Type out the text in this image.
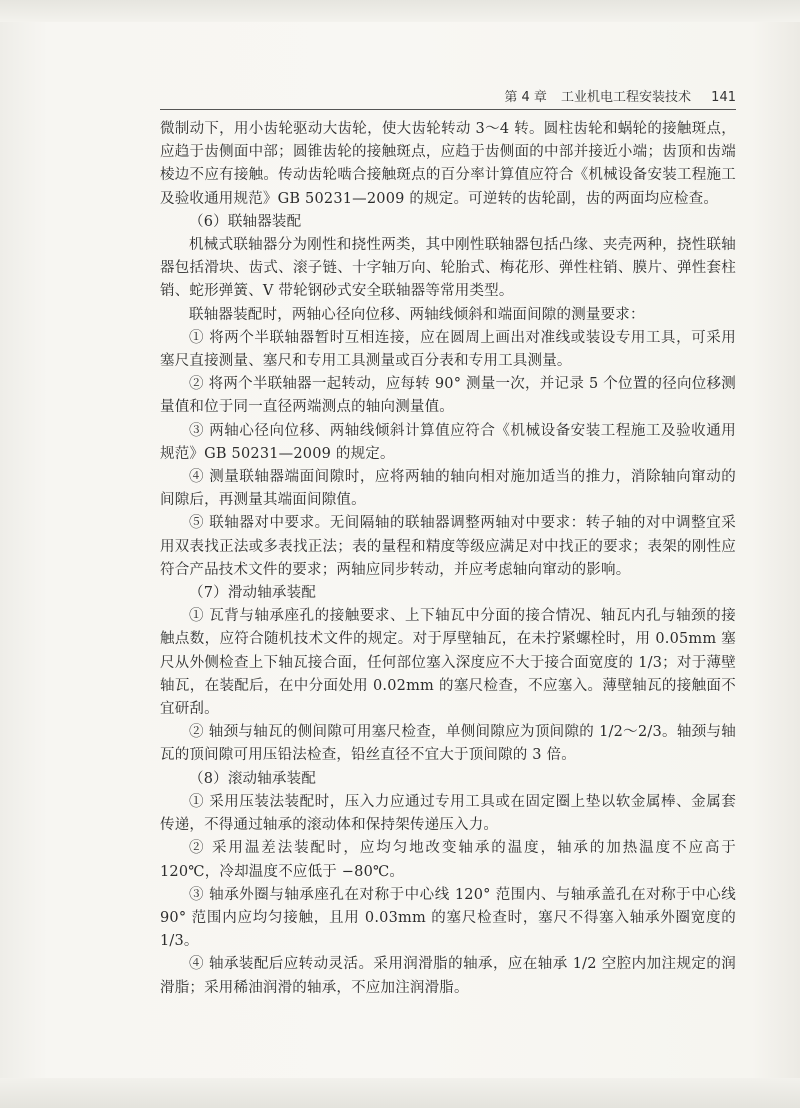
第 4 章 工业机电工程安装技术 141

微制动下，用小齿轮驱动大齿轮，使大齿轮转动 3～4 转。圆柱齿轮和蜗轮的接触斑点，应趋于齿侧面中部；圆锥齿轮的接触斑点，应趋于齿侧面的中部并接近小端；齿顶和齿端棱边不应有接触。传动齿轮啮合接触斑点的百分率计算值应符合《机械设备安装工程施工及验收通用规范》GB 50231—2009 的规定。可逆转的齿轮副，齿的两面均应检查。

（6）联轴器装配

机械式联轴器分为刚性和挠性两类，其中刚性联轴器包括凸缘、夹壳两种，挠性联轴器包括滑块、齿式、滚子链、十字轴万向、轮胎式、梅花形、弹性柱销、膜片、弹性套柱销、蛇形弹簧、V 带轮钢砂式安全联轴器等常用类型。

联轴器装配时，两轴心径向位移、两轴线倾斜和端面间隙的测量要求：

① 将两个半联轴器暂时互相连接，应在圆周上画出对准线或装设专用工具，可采用塞尺直接测量、塞尺和专用工具测量或百分表和专用工具测量。

② 将两个半联轴器一起转动，应每转 90° 测量一次，并记录 5 个位置的径向位移测量值和位于同一直径两端测点的轴向测量值。

③ 两轴心径向位移、两轴线倾斜计算值应符合《机械设备安装工程施工及验收通用规范》GB 50231—2009 的规定。

④ 测量联轴器端面间隙时，应将两轴的轴向相对施加适当的推力，消除轴向窜动的间隙后，再测量其端面间隙值。

⑤ 联轴器对中要求。无间隔轴的联轴器调整两轴对中要求：转子轴的对中调整宜采用双表找正法或多表找正法；表的量程和精度等级应满足对中找正的要求；表架的刚性应符合产品技术文件的要求；两轴应同步转动，并应考虑轴向窜动的影响。

（7）滑动轴承装配

① 瓦背与轴承座孔的接触要求、上下轴瓦中分面的接合情况、轴瓦内孔与轴颈的接触点数，应符合随机技术文件的规定。对于厚壁轴瓦，在未拧紧螺栓时，用 0.05mm 塞尺从外侧检查上下轴瓦接合面，任何部位塞入深度应不大于接合面宽度的 1/3；对于薄壁轴瓦，在装配后，在中分面处用 0.02mm 的塞尺检查，不应塞入。薄壁轴瓦的接触面不宜研刮。

② 轴颈与轴瓦的侧间隙可用塞尺检查，单侧间隙应为顶间隙的 1/2～2/3。轴颈与轴瓦的顶间隙可用压铅法检查，铅丝直径不宜大于顶间隙的 3 倍。

（8）滚动轴承装配

① 采用压装法装配时，压入力应通过专用工具或在固定圈上垫以软金属棒、金属套传递，不得通过轴承的滚动体和保持架传递压入力。

② 采用温差法装配时，应均匀地改变轴承的温度，轴承的加热温度不应高于 120℃，冷却温度不应低于 −80℃。

③ 轴承外圈与轴承座孔在对称于中心线 120° 范围内、与轴承盖孔在对称于中心线 90° 范围内应均匀接触，且用 0.03mm 的塞尺检查时，塞尺不得塞入轴承外圈宽度的 1/3。

④ 轴承装配后应转动灵活。采用润滑脂的轴承，应在轴承 1/2 空腔内加注规定的润滑脂；采用稀油润滑的轴承，不应加注润滑脂。
